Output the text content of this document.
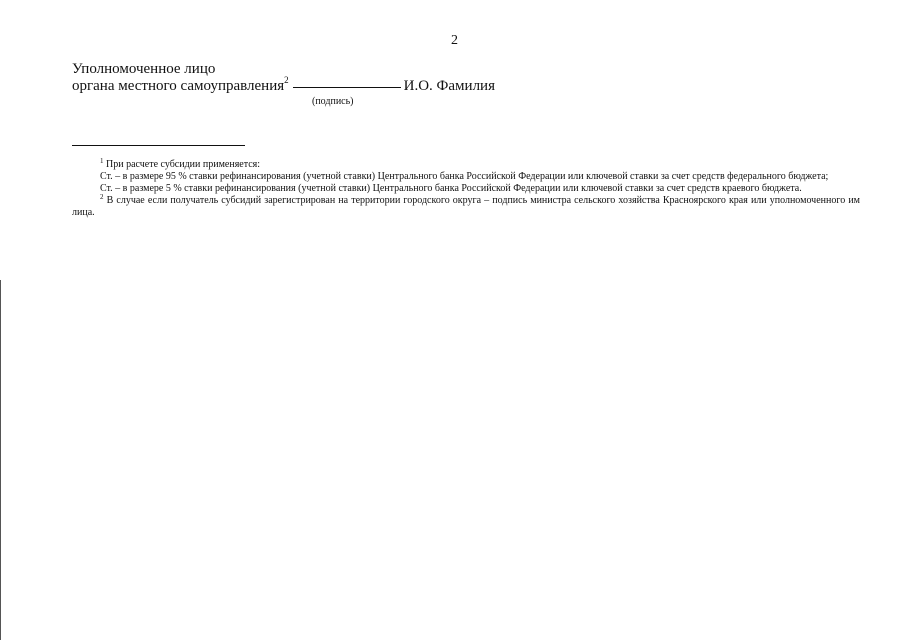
2
Уполномоченное лицо
органа местного самоуправления$^2$	И.О. Фамилия
(подпись)

$^1$ При расчете субсидии применяется:

Ст. – в размере 95 % ставки рефинансирования (учетной ставки) Центрального банка Российской Федерации или ключевой ставки за счет средств федерального бюджета;

Ст. – в размере 5 % ставки рефинансирования (учетной ставки) Центрального банка Российской Федерации или ключевой ставки за счет средств краевого бюджета.

$^2$ В случае если получатель субсидий зарегистрирован на территории городского округа – подпись министра сельского хозяйства Красноярского края или уполномоченного им лица.
